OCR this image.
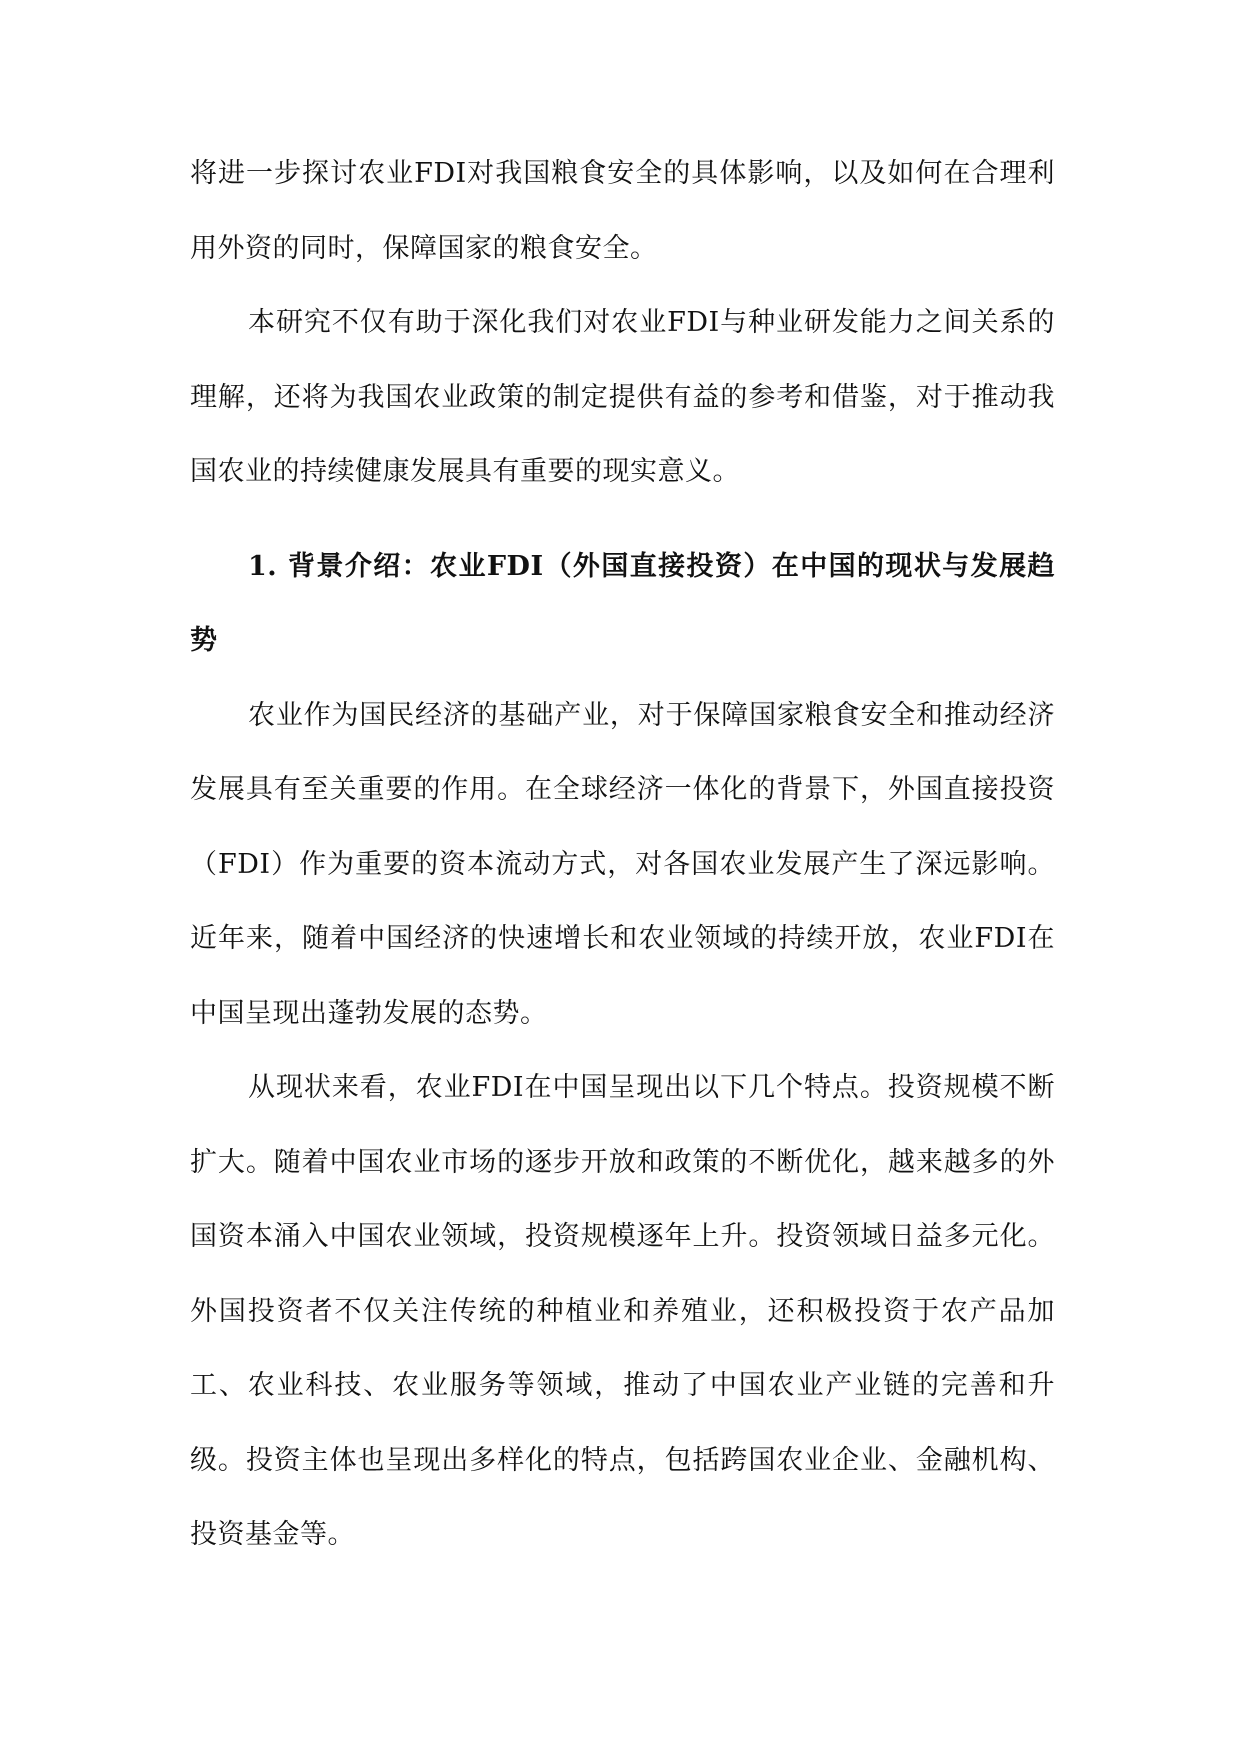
将进一步探讨农业FDI对我国粮食安全的具体影响，以及如何在合理利用外资的同时，保障国家的粮食安全。

本研究不仅有助于深化我们对农业FDI与种业研发能力之间关系的理解，还将为我国农业政策的制定提供有益的参考和借鉴，对于推动我国农业的持续健康发展具有重要的现实意义。

1. 背景介绍：农业FDI（外国直接投资）在中国的现状与发展趋势

农业作为国民经济的基础产业，对于保障国家粮食安全和推动经济发展具有至关重要的作用。在全球经济一体化的背景下，外国直接投资（FDI）作为重要的资本流动方式，对各国农业发展产生了深远影响。近年来，随着中国经济的快速增长和农业领域的持续开放，农业FDI在中国呈现出蓬勃发展的态势。

从现状来看，农业FDI在中国呈现出以下几个特点。投资规模不断扩大。随着中国农业市场的逐步开放和政策的不断优化，越来越多的外国资本涌入中国农业领域，投资规模逐年上升。投资领域日益多元化。外国投资者不仅关注传统的种植业和养殖业，还积极投资于农产品加工、农业科技、农业服务等领域，推动了中国农业产业链的完善和升级。投资主体也呈现出多样化的特点，包括跨国农业企业、金融机构、投资基金等。
